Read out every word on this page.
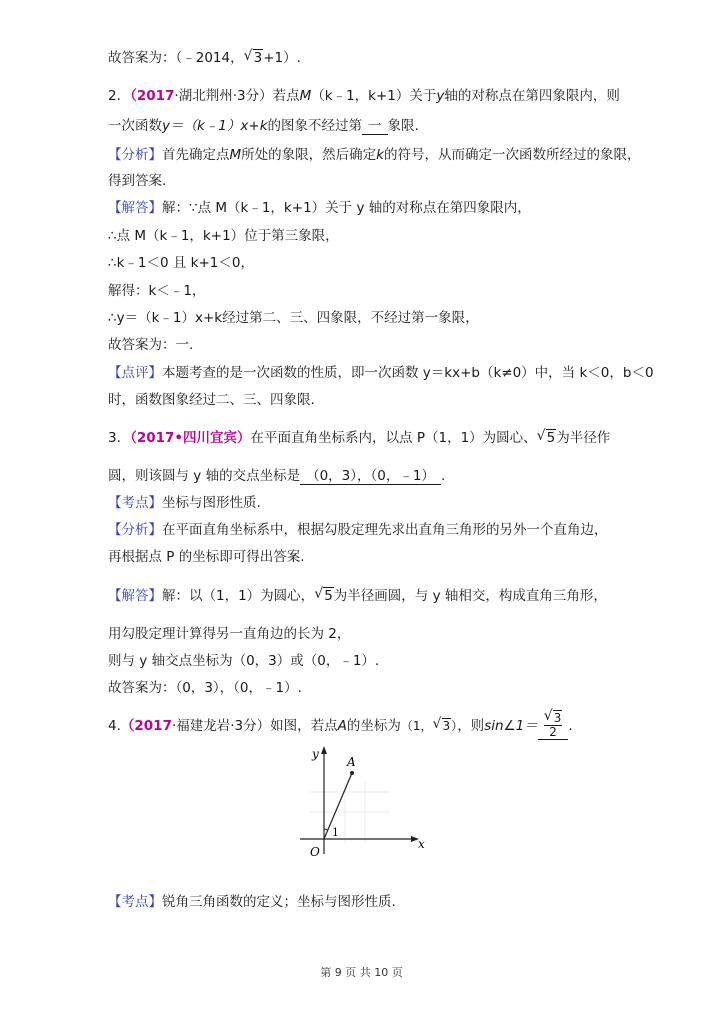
故答案为：（﹣2014， √ 3+1）.
2．（2017·湖北荆州·3分）若点M（k﹣1，k+1）关于y轴的对称点在第四象限内，则
一次函数y＝（k﹣1）x+k的图象不经过第 一 象限.
【分析】首先确定点M所处的象限，然后确定k的符号，从而确定一次函数所经过的象限，
得到答案.
【解答】解：∵点 M（k﹣1，k+1）关于 y 轴的对称点在第四象限内，
∴点 M（k﹣1，k+1）位于第三象限，
∴k﹣1＜0 且 k+1＜0，
解得：k＜﹣1，
∴y＝（k﹣1）x+k经过第二、三、四象限，不经过第一象限，
故答案为：一.
【点评】本题考查的是一次函数的性质，即一次函数 y＝kx+b（k≠0）中，当 k＜0，b＜0
时，函数图象经过二、三、四象限.
3．（2017•四川宜宾）在平面直角坐标系内，以点 P（1，1）为圆心、 √ 5为半径作
圆，则该圆与 y 轴的交点坐标是 （0，3），（0，﹣1） .
【考点】坐标与图形性质.
【分析】在平面直角坐标系中，根据勾股定理先求出直角三角形的另外一个直角边，
再根据点 P 的坐标即可得出答案.
【解答】解：以（1，1）为圆心， √ 5为半径画圆，与 y 轴相交，构成直角三角形，
用勾股定理计算得另一直角边的长为 2，
则与 y 轴交点坐标为（0，3）或（0，﹣1）.
故答案为：（0，3），（0，﹣1）.
4.（2017·福建龙岩·3分）如图，若点A的坐标为（1， √ 3），则sin∠1＝ $\frac{√ 3}{2}$ .
y
x
O
A
1
【考点】锐角三角函数的定义；坐标与图形性质.
第 9 页 共 10 页
